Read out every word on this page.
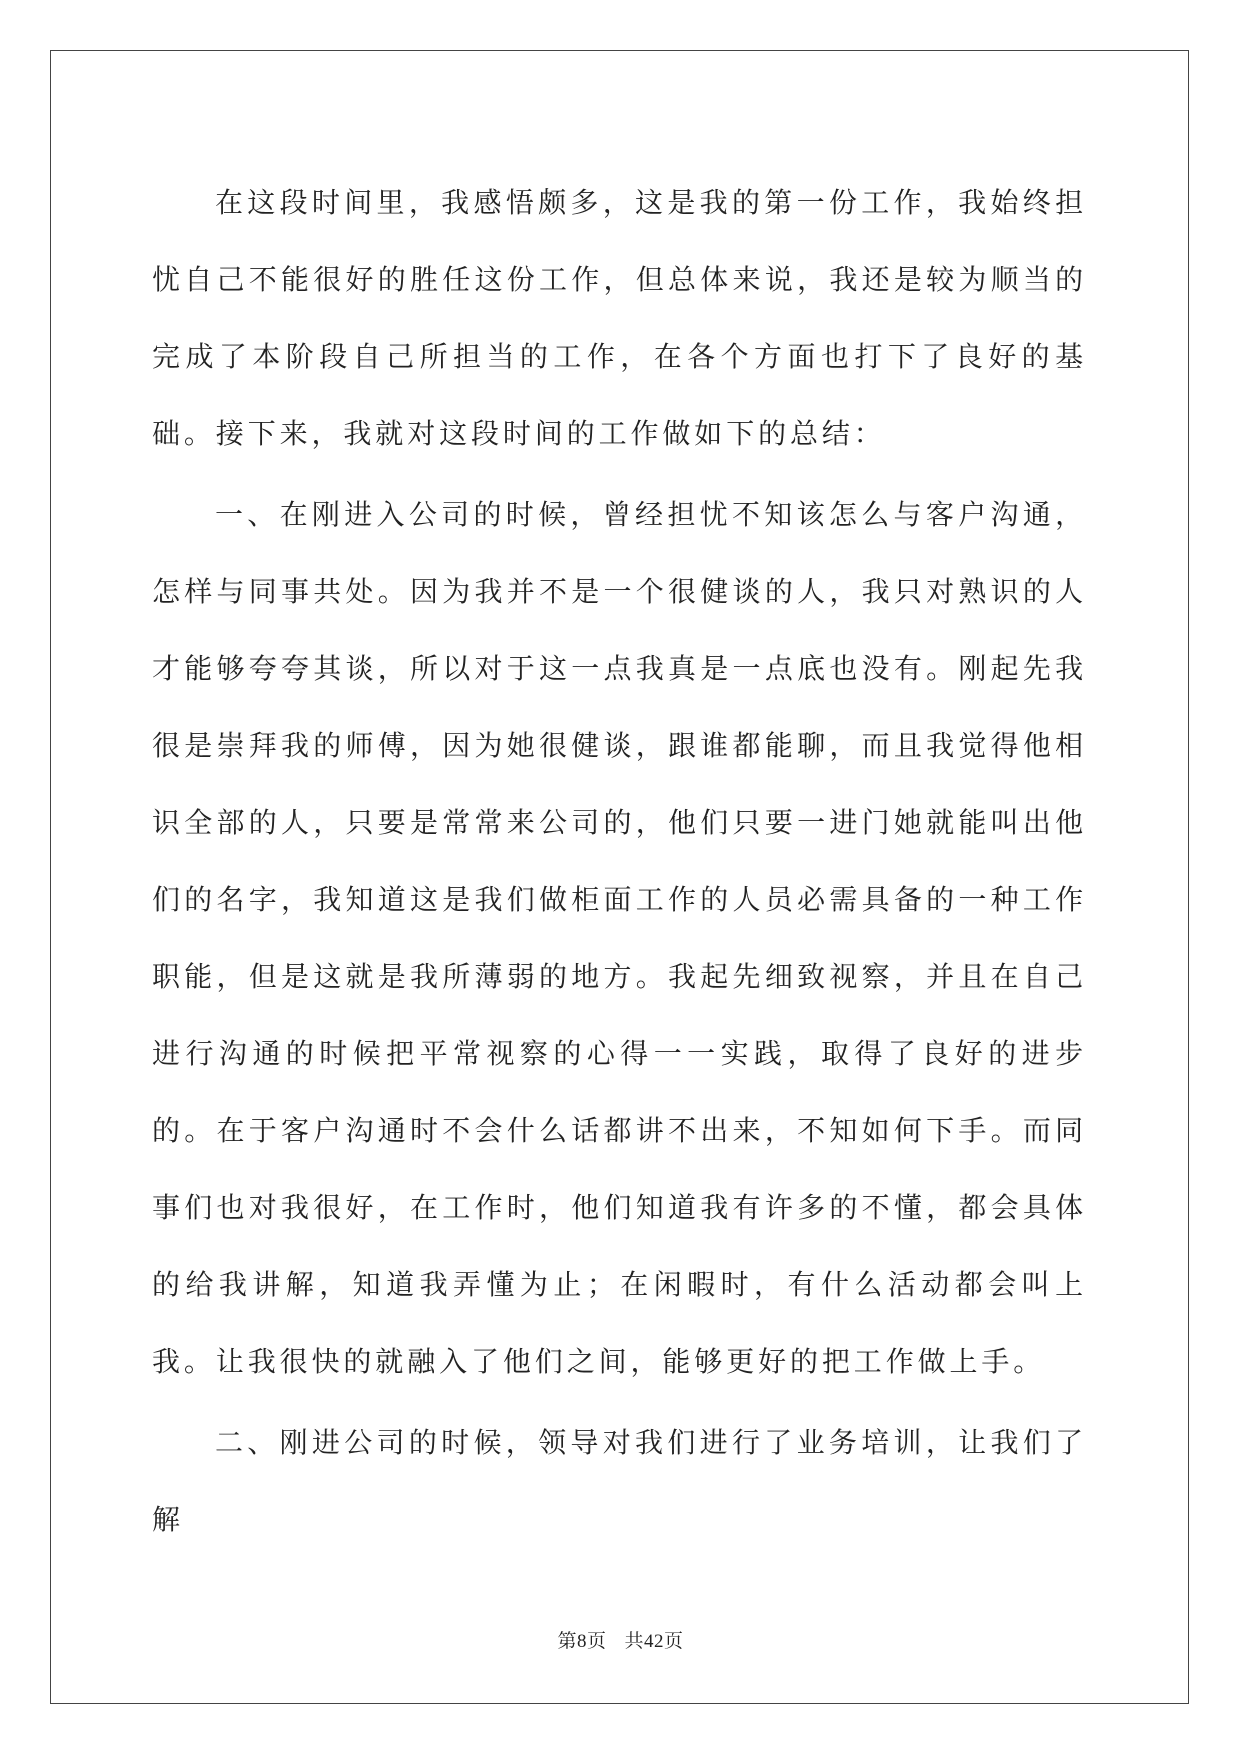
在这段时间里，我感悟颇多，这是我的第一份工作，我始终担忧自己不能很好的胜任这份工作，但总体来说，我还是较为顺当的完成了本阶段自己所担当的工作，在各个方面也打下了良好的基础。接下来，我就对这段时间的工作做如下的总结：

一、在刚进入公司的时候，曾经担忧不知该怎么与客户沟通，怎样与同事共处。因为我并不是一个很健谈的人，我只对熟识的人才能够夸夸其谈，所以对于这一点我真是一点底也没有。刚起先我很是崇拜我的师傅，因为她很健谈，跟谁都能聊，而且我觉得他相识全部的人，只要是常常来公司的，他们只要一进门她就能叫出他们的名字，我知道这是我们做柜面工作的人员必需具备的一种工作职能，但是这就是我所薄弱的地方。我起先细致视察，并且在自己进行沟通的时候把平常视察的心得一一实践，取得了良好的进步的。在于客户沟通时不会什么话都讲不出来，不知如何下手。而同事们也对我很好，在工作时，他们知道我有许多的不懂，都会具体的给我讲解，知道我弄懂为止；在闲暇时，有什么活动都会叫上我。让我很快的就融入了他们之间，能够更好的把工作做上手。

二、刚进公司的时候，领导对我们进行了业务培训，让我们了解

第8页 共42页
